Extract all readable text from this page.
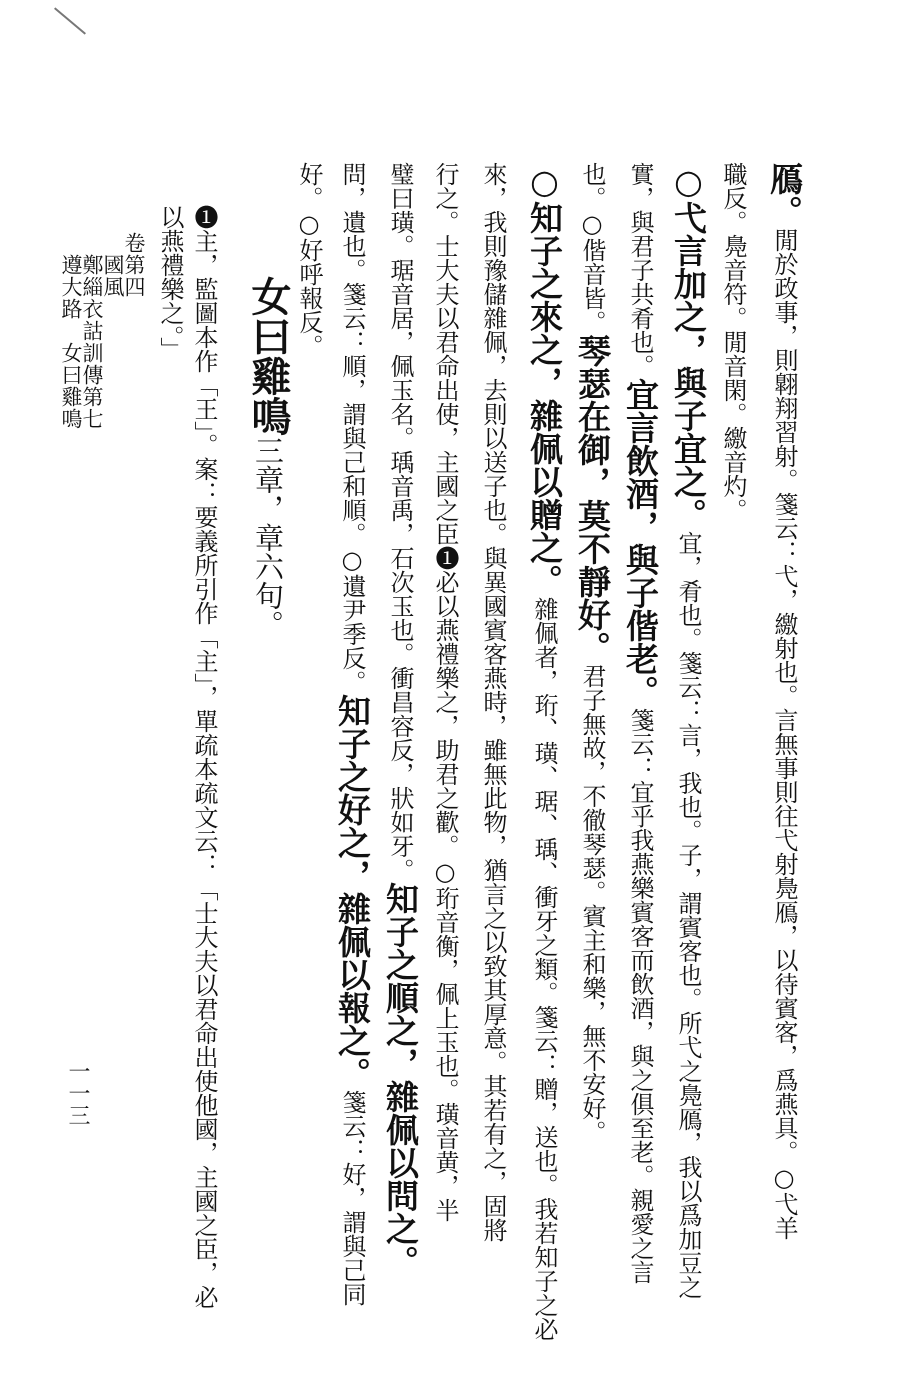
鴈。閒於政事，則翺翔習射。箋云：弋，繳射也。言無事則往弋射鳧鴈，以待賓客，爲燕具。○弋羊
職反。鳧音符。閒音閑。繳音灼。
○弋言加之，與子宜之。宜，肴也。箋云：言，我也。子，謂賓客也。所弋之鳧鴈，我以爲加豆之
實，與君子共肴也。宜言飲酒，與子偕老。箋云：宜乎我燕樂賓客而飲酒，與之俱至老。親愛之言
也。○偕音皆。琴瑟在御，莫不靜好。君子無故，不徹琴瑟。賓主和樂，無不安好。
○知子之來之，雜佩以贈之。雜佩者，珩、璜、琚、瑀、衝牙之類。箋云：贈，送也。我若知子之必
來，我則豫儲雜佩，去則以送子也。與異國賓客燕時，雖無此物，猶言之以致其厚意。其若有之，固將
行之。士大夫以君命出使，主國之臣❶必以燕禮樂之，助君之歡。○珩音衡，佩上玉也。璜音黄，半
璧曰璜。琚音居，佩玉名。瑀音禹，石次玉也。衝昌容反，狀如牙。知子之順之，雜佩以問之。
問，遺也。箋云：順，謂與己和順。○遺尹季反。知子之好之，雜佩以報之。箋云：好，謂與己同
好。○好呼報反。
女曰雞鳴三章，章六句。
❶主，監圖本作「王」。案：要義所引作「主」，單疏本疏文云：「士大夫以君命出使他國，主國之臣，必
以燕禮樂之。」
卷第四
國風
鄭緇衣詁訓傳第七
遵大路　女曰雞鳴
一一三
